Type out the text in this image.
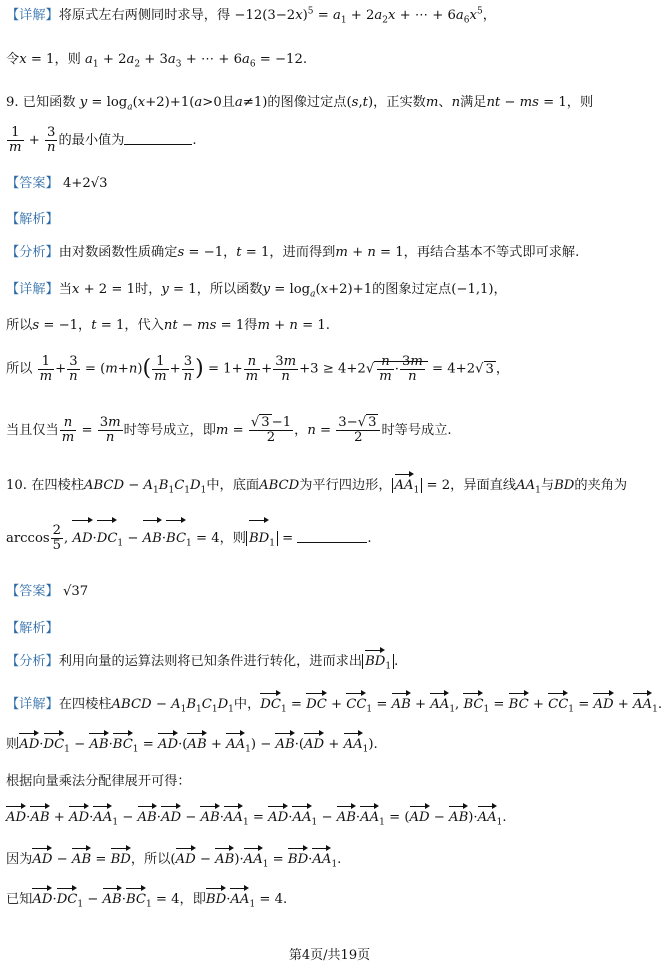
【详解】将原式左右两侧同时求导，得 $-12(3-2x)^5 = a_1 + 2a_2x$ + ⋯ + $6a_6x^5$，
令x = 1，则 $a_1 + 2a_2 + 3a_3$ + ⋯ + $6a_6 = -12$.
9. 已知函数 $y = \log_a(x+2)+1(a>0$且a≠1)的图像过定点(s,t)，正实数m、n满足nt − ms = 1，则
$\frac{1}{m} + \frac{3}{n}$ 的最小值为	.
【答案】 4+2√3
【解析】
【分析】由对数函数性质确定s = −1，t = 1，进而得到m + n = 1，再结合基本不等式即可求解.
【详解】当x + 2 = 1时，y = 1，所以函数$y = \log_a(x+2)+1$的图象过定点(−1,1)，
所以s = −1，t = 1，代入nt − ms = 1得m + n = 1.
所以 $\frac{1}{m} + \frac{3}{n} = (m+n)( \frac{1}{m} + \frac{3}{n}$ ) = $1+ \frac{n}{m} + \frac{3m}{n} +3 \ge 4+2√ \frac{n}{m} \cdot \frac{3m}{n} = 4+2√$ 3 ，
当且仅当 $\frac{n}{m} = \frac{3m}{n}$ 时等号成立，即$m = \frac{√ 3 -1}{2}$ ，$n = \frac{3-√ 3}{2}$ 时等号成立.
10. 在四棱柱ABCD − $A_1B_1C_1D_1$中，底面ABCD为平行四边形， $AA_1 = 2$，异面直线$AA_1$与BD的夹角为
$\arccos \frac{2}{5}$ , $AD\cdot DC_1 - AB\cdot BC_1 = 4$，则 $BD_1$ =	.
【答案】 √37
【解析】
【分析】利用向量的运算法则将已知条件进行转化，进而求出 $BD_1$ .
【详解】在四棱柱ABCD − $A_1B_1C_1D_1$中，$DC_1$ = DC + $CC_1$ = AB + $AA_1$, $BC_1$ = BC + $CC_1$ = AD + $AA_1$.
则$AD\cdot DC_1 - AB\cdot BC_1 = AD\cdot(AB + AA_1) - AB\cdot(AD + AA_1)$.
根据向量乘法分配律展开可得：
$AD\cdot AB + AD\cdot AA_1 - AB\cdot AD - AB\cdot AA_1 = AD\cdot AA_1 - AB\cdot AA_1 = (AD - AB)\cdot AA_1$.
因为AD − AB = BD，所以$(AD - AB)\cdot AA_1 = BD\cdot AA_1$.
已知$AD\cdot DC_1 - AB\cdot BC_1 = 4$，即$BD\cdot AA_1 = 4$.
第4页/共19页
